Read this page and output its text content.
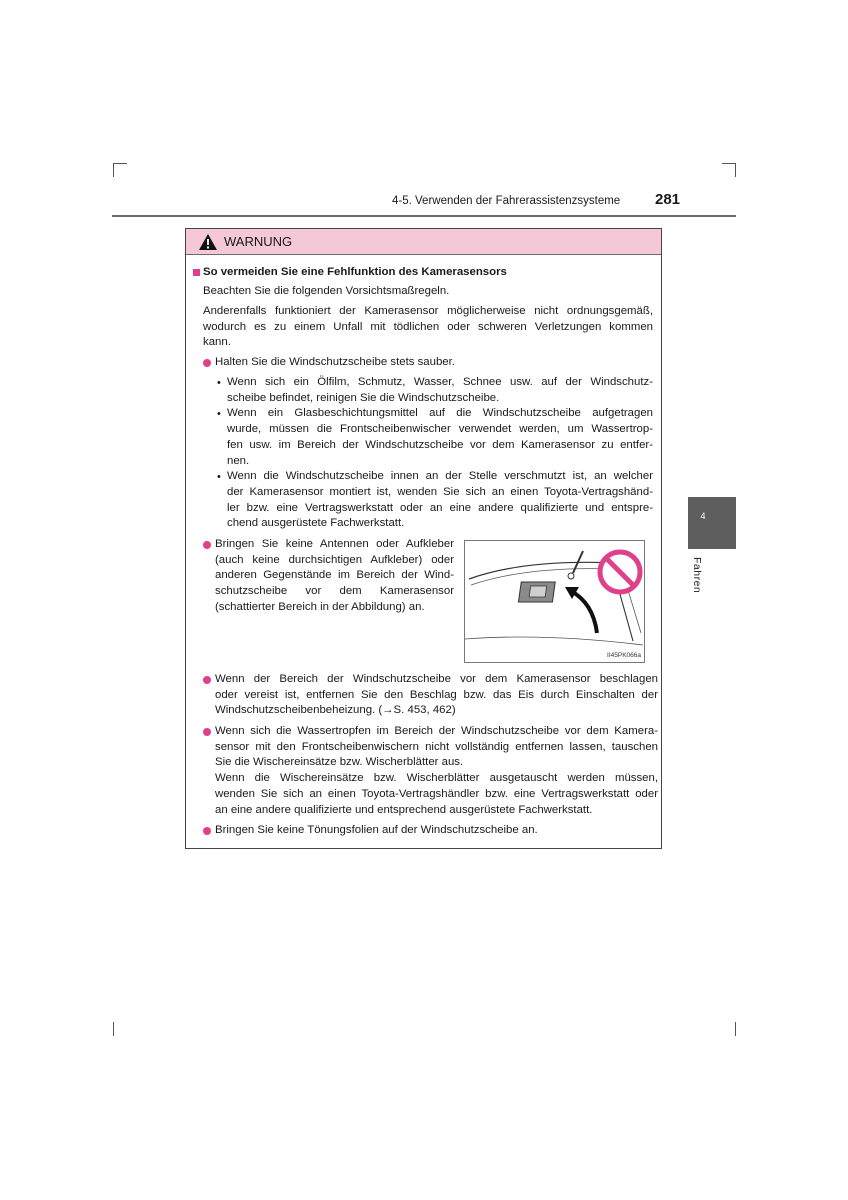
4-5. Verwenden der Fahrerassistenzsysteme 281
4
Fahren
WARNUNG
So vermeiden Sie eine Fehlfunktion des Kamerasensors
Beachten Sie die folgenden Vorsichtsmaßregeln.
Anderenfalls funktioniert der Kamerasensor möglicherweise nicht ordnungsgemäß,
wodurch es zu einem Unfall mit tödlichen oder schweren Verletzungen kommen
kann.
Halten Sie die Windschutzscheibe stets sauber.
• Wenn sich ein Ölfilm, Schmutz, Wasser, Schnee usw. auf der Windschutz-
scheibe befindet, reinigen Sie die Windschutzscheibe.
• Wenn ein Glasbeschichtungsmittel auf die Windschutzscheibe aufgetragen
wurde, müssen die Frontscheibenwischer verwendet werden, um Wassertrop-
fen usw. im Bereich der Windschutzscheibe vor dem Kamerasensor zu entfer-
nen.
• Wenn die Windschutzscheibe innen an der Stelle verschmutzt ist, an welcher
der Kamerasensor montiert ist, wenden Sie sich an einen Toyota-Vertragshänd-
ler bzw. eine Vertragswerkstatt oder an eine andere qualifizierte und entspre-
chend ausgerüstete Fachwerkstatt.
Bringen Sie keine Antennen oder Aufkleber
(auch keine durchsichtigen Aufkleber) oder
anderen Gegenstände im Bereich der Wind-
schutzscheibe vor dem Kamerasensor
(schattierter Bereich in der Abbildung) an.
Wenn der Bereich der Windschutzscheibe vor dem Kamerasensor beschlagen
oder vereist ist, entfernen Sie den Beschlag bzw. das Eis durch Einschalten der
Windschutzscheibenbeheizung. (→S. 453, 462)
Wenn sich die Wassertropfen im Bereich der Windschutzscheibe vor dem Kamera-
sensor mit den Frontscheibenwischern nicht vollständig entfernen lassen, tauschen
Sie die Wischereinsätze bzw. Wischerblätter aus.
Wenn die Wischereinsätze bzw. Wischerblätter ausgetauscht werden müssen,
wenden Sie sich an einen Toyota-Vertragshändler bzw. eine Vertragswerkstatt oder
an eine andere qualifizierte und entsprechend ausgerüstete Fachwerkstatt.
Bringen Sie keine Tönungsfolien auf der Windschutzscheibe an.
II45PK066a
